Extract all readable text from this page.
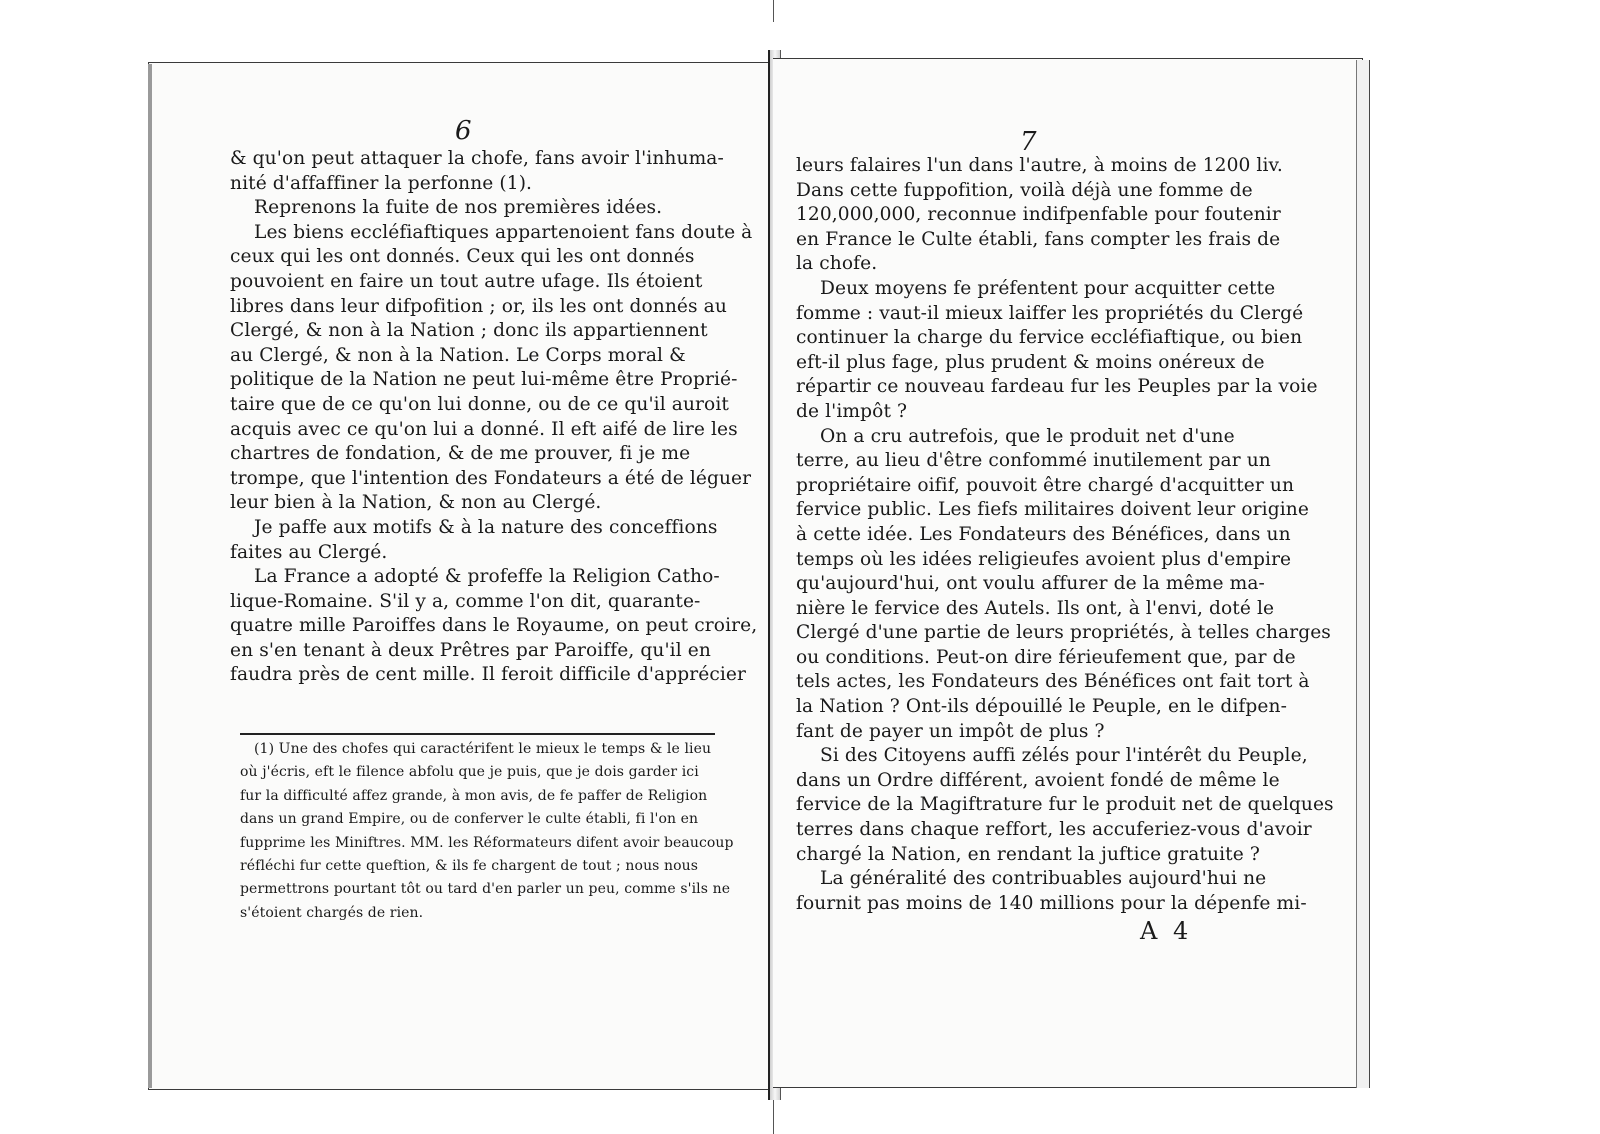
6
& qu'on peut attaquer la chofe, fans avoir l'inhuma-
nité d'affaffiner la perfonne (1).
Reprenons la fuite de nos premières idées.
Les biens eccléfiaftiques appartenoient fans doute à
ceux qui les ont donnés. Ceux qui les ont donnés
pouvoient en faire un tout autre ufage. Ils étoient
libres dans leur difpofition ; or, ils les ont donnés au
Clergé, & non à la Nation ; donc ils appartiennent
au Clergé, & non à la Nation. Le Corps moral &
politique de la Nation ne peut lui-même être Proprié-
taire que de ce qu'on lui donne, ou de ce qu'il auroit
acquis avec ce qu'on lui a donné. Il eft aifé de lire les
chartres de fondation, & de me prouver, fi je me
trompe, que l'intention des Fondateurs a été de léguer
leur bien à la Nation, & non au Clergé.
Je paffe aux motifs & à la nature des conceffions
faites au Clergé.
La France a adopté & profeffe la Religion Catho-
lique-Romaine. S'il y a, comme l'on dit, quarante-
quatre mille Paroiffes dans le Royaume, on peut croire,
en s'en tenant à deux Prêtres par Paroiffe, qu'il en
faudra près de cent mille. Il feroit difficile d'apprécier
(1) Une des chofes qui caractérifent le mieux le temps & le lieu
où j'écris, eft le filence abfolu que je puis, que je dois garder ici
fur la difficulté affez grande, à mon avis, de fe paffer de Religion
dans un grand Empire, ou de conferver le culte établi, fi l'on en
fupprime les Miniftres. MM. les Réformateurs difent avoir beaucoup
réfléchi fur cette queftion, & ils fe chargent de tout ; nous nous
permettrons pourtant tôt ou tard d'en parler un peu, comme s'ils ne
s'étoient chargés de rien.
7
leurs falaires l'un dans l'autre, à moins de 1200 liv.
Dans cette fuppofition, voilà déjà une fomme de
120,000,000, reconnue indifpenfable pour foutenir
en France le Culte établi, fans compter les frais de
la chofe.
Deux moyens fe préfentent pour acquitter cette
fomme : vaut-il mieux laiffer les propriétés du Clergé
continuer la charge du fervice eccléfiaftique, ou bien
eft-il plus fage, plus prudent & moins onéreux de
répartir ce nouveau fardeau fur les Peuples par la voie
de l'impôt ?
On a cru autrefois, que le produit net d'une
terre, au lieu d'être confommé inutilement par un
propriétaire oifif, pouvoit être chargé d'acquitter un
fervice public. Les fiefs militaires doivent leur origine
à cette idée. Les Fondateurs des Bénéfices, dans un
temps où les idées religieufes avoient plus d'empire
qu'aujourd'hui, ont voulu affurer de la même ma-
nière le fervice des Autels. Ils ont, à l'envi, doté le
Clergé d'une partie de leurs propriétés, à telles charges
ou conditions. Peut-on dire férieufement que, par de
tels actes, les Fondateurs des Bénéfices ont fait tort à
la Nation ? Ont-ils dépouillé le Peuple, en le difpen-
fant de payer un impôt de plus ?
Si des Citoyens auffi zélés pour l'intérêt du Peuple,
dans un Ordre différent, avoient fondé de même le
fervice de la Magiftrature fur le produit net de quelques
terres dans chaque reffort, les accuferiez-vous d'avoir
chargé la Nation, en rendant la juftice gratuite ?
La généralité des contribuables aujourd'hui ne
fournit pas moins de 140 millions pour la dépenfe mi-
A 4
